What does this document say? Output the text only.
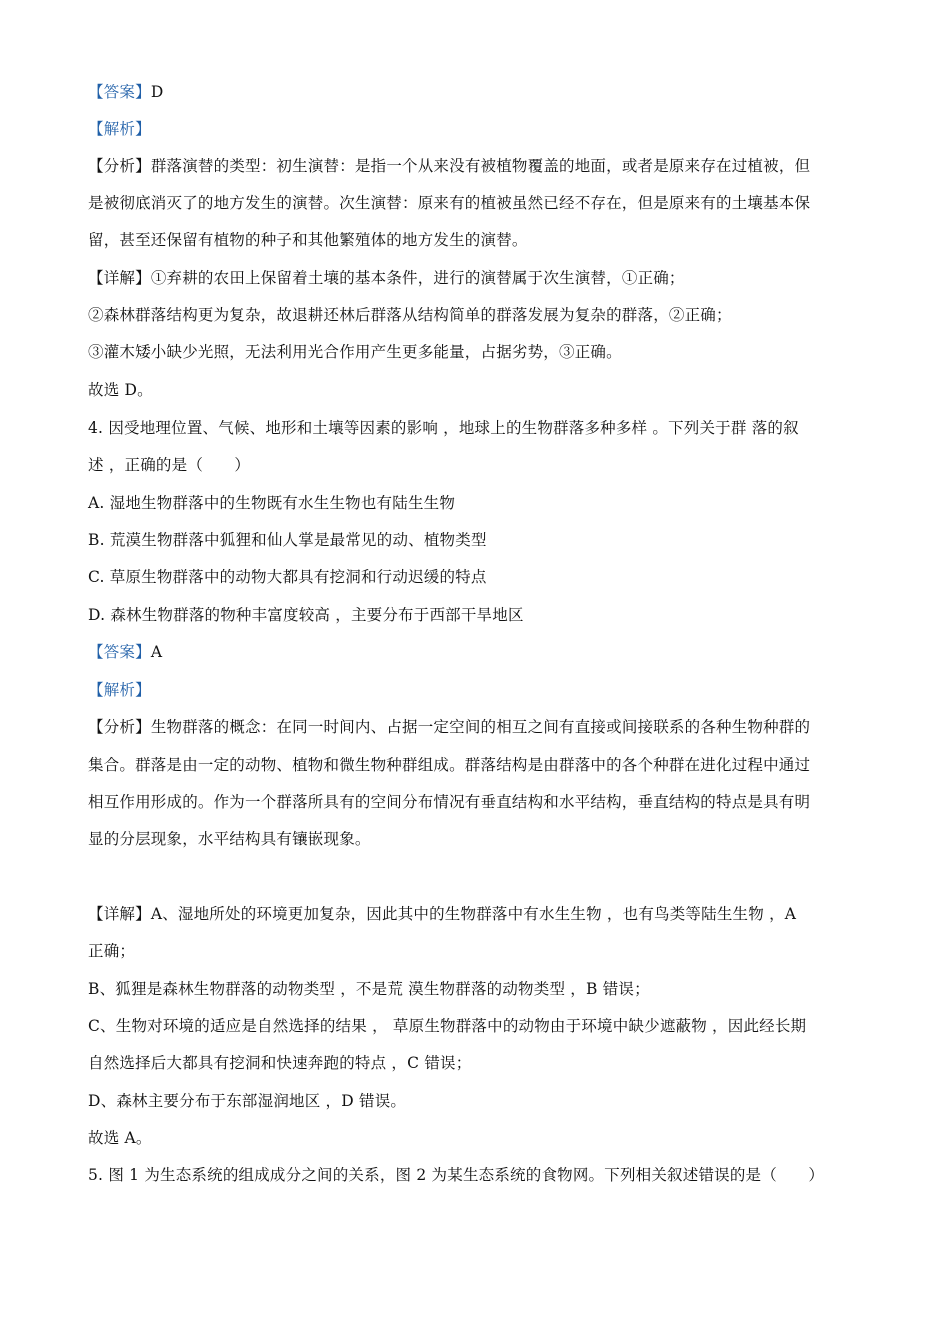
【答案】D
【解析】
【分析】群落演替的类型：初生演替：是指一个从来没有被植物覆盖的地面，或者是原来存在过植被，但
是被彻底消灭了的地方发生的演替。次生演替：原来有的植被虽然已经不存在，但是原来有的土壤基本保
留，甚至还保留有植物的种子和其他繁殖体的地方发生的演替。
【详解】①弃耕的农田上保留着土壤的基本条件，进行的演替属于次生演替，①正确；
②森林群落结构更为复杂，故退耕还林后群落从结构简单的群落发展为复杂的群落，②正确；
③灌木矮小缺少光照，无法利用光合作用产生更多能量，占据劣势，③正确。
故选 D。
4. 因受地理位置、气候、地形和土壤等因素的影响 ，地球上的生物群落多种多样 。下列关于群 落的叙
述 ，正确的是（　　）
A. 湿地生物群落中的生物既有水生生物也有陆生生物
B. 荒漠生物群落中狐狸和仙人掌是最常见的动、植物类型
C. 草原生物群落中的动物大都具有挖洞和行动迟缓的特点
D. 森林生物群落的物种丰富度较高 ，主要分布于西部干旱地区
【答案】A
【解析】
【分析】生物群落的概念：在同一时间内、占据一定空间的相互之间有直接或间接联系的各种生物种群的
集合。群落是由一定的动物、植物和微生物种群组成。群落结构是由群落中的各个种群在进化过程中通过
相互作用形成的。作为一个群落所具有的空间分布情况有垂直结构和水平结构，垂直结构的特点是具有明
显的分层现象，水平结构具有镶嵌现象。
【详解】A、湿地所处的环境更加复杂，因此其中的生物群落中有水生生物 ，也有鸟类等陆生生物 ，A
正确；
B、狐狸是森林生物群落的动物类型 ，不是荒 漠生物群落的动物类型 ，B 错误；
C、生物对环境的适应是自然选择的结果 ， 草原生物群落中的动物由于环境中缺少遮蔽物 ，因此经长期
自然选择后大都具有挖洞和快速奔跑的特点 ，C 错误；
D、森林主要分布于东部湿润地区 ，D 错误。
故选 A。
5. 图 1 为生态系统的组成成分之间的关系，图 2 为某生态系统的食物网。下列相关叙述错误的是（　　）
